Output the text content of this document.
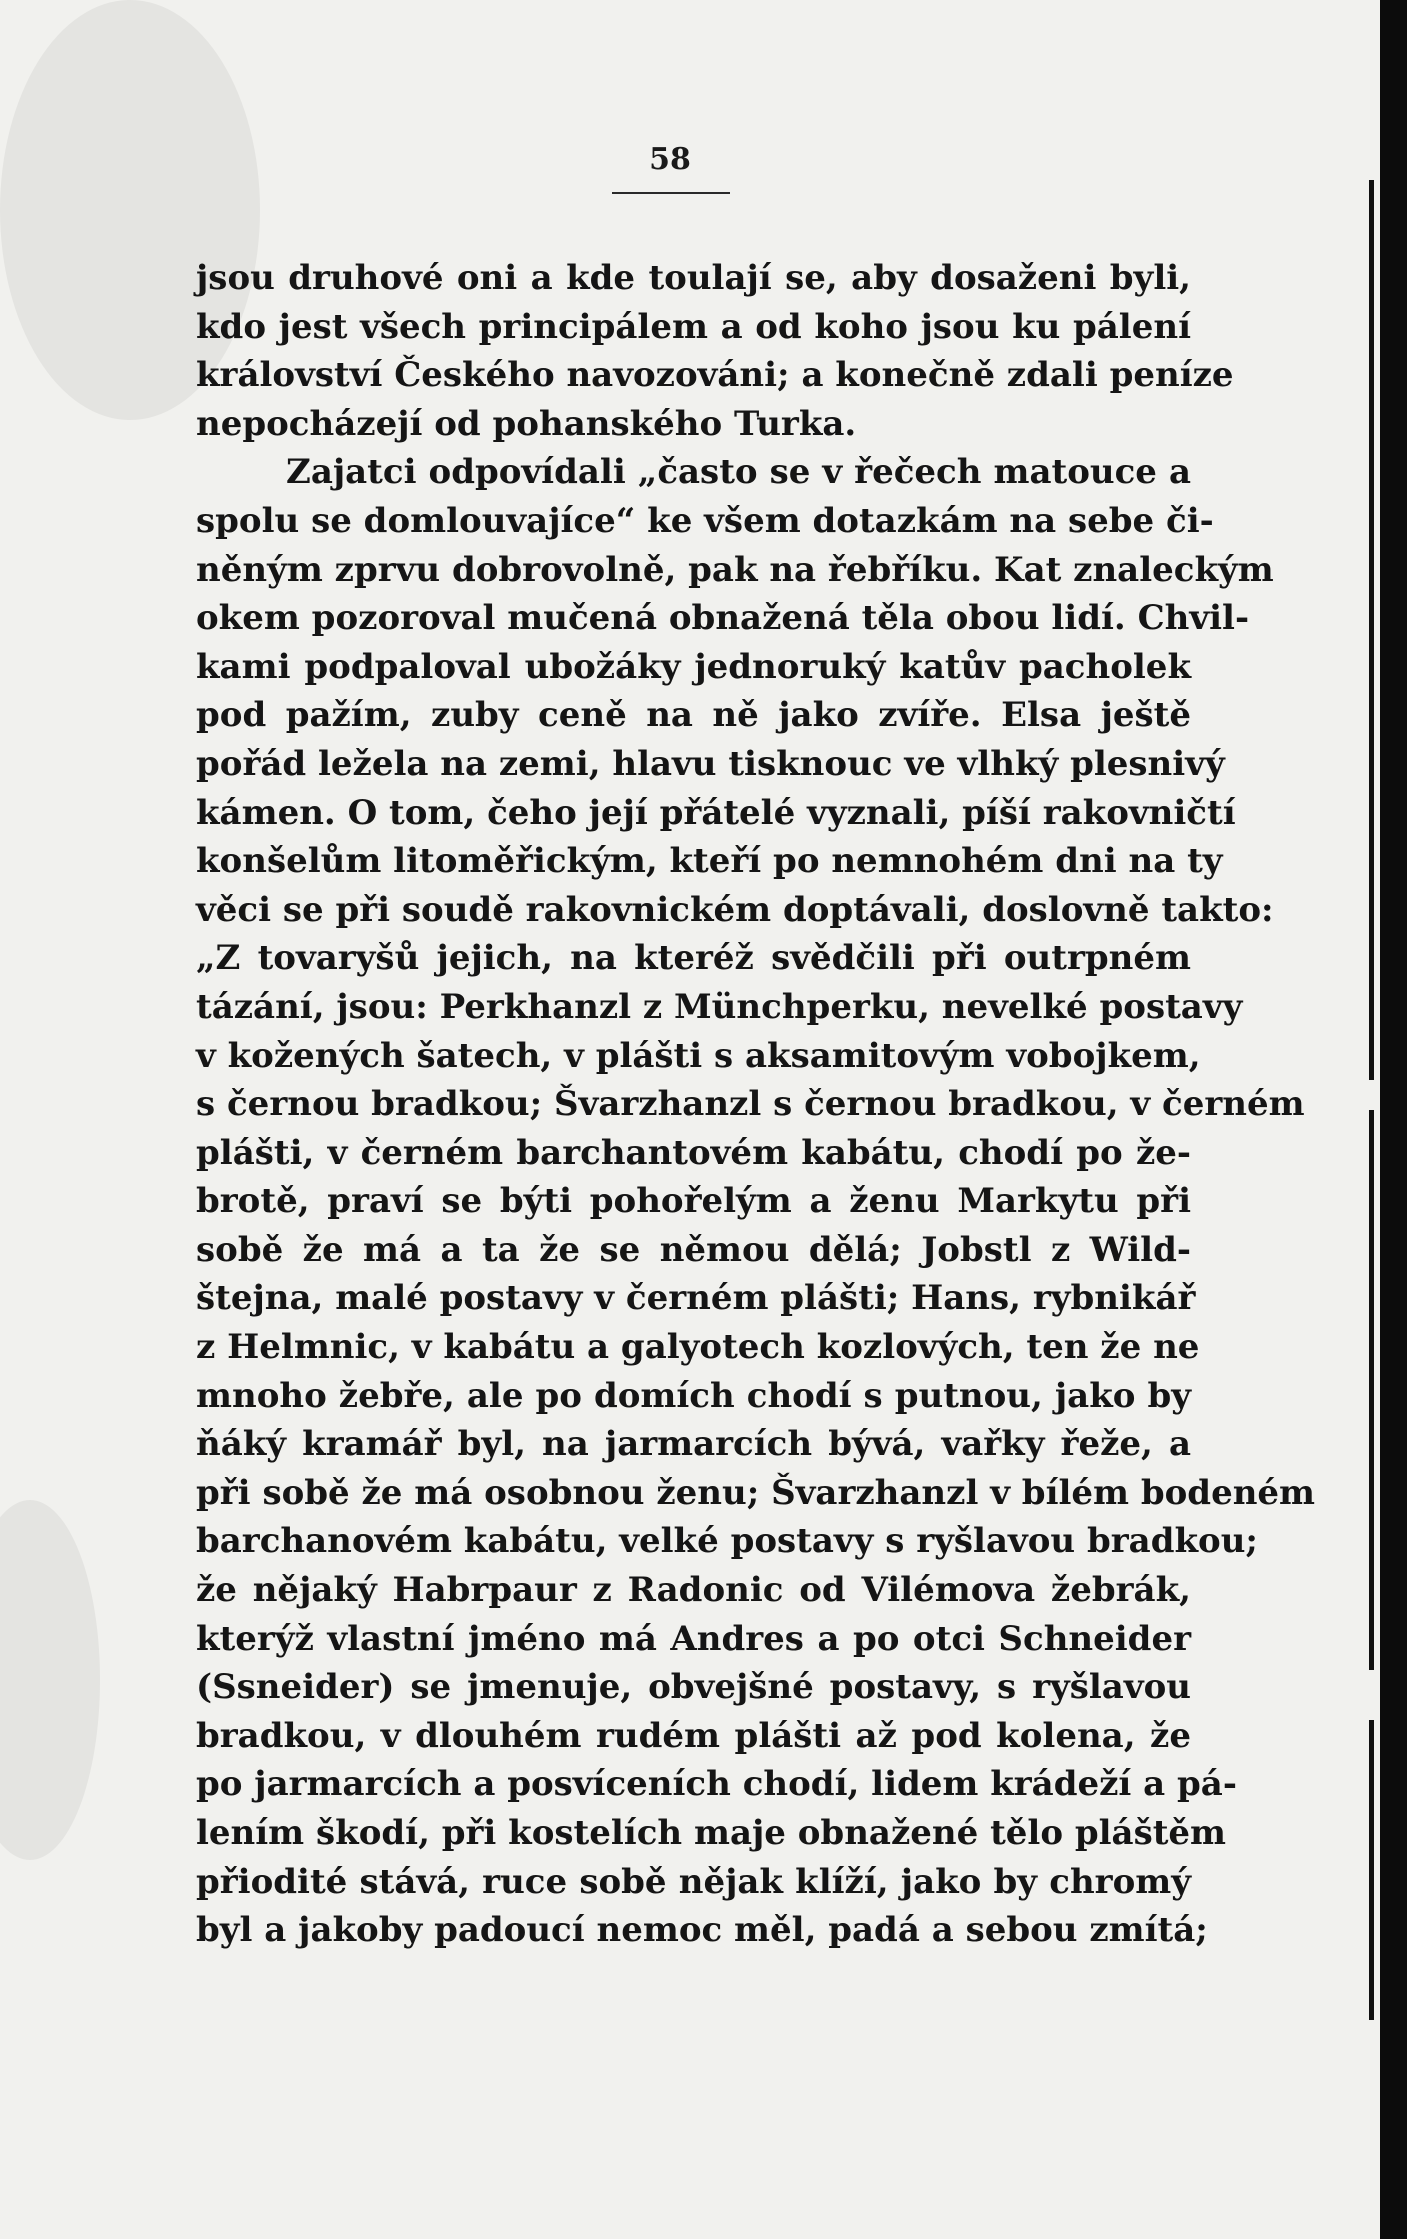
58
jsou druhové oni a kde toulají se, aby dosaženi byli,
kdo jest všech principálem a od koho jsou ku pálení
království Českého navozováni; a konečně zdali peníze
nepocházejí od pohanského Turka.
Zajatci odpovídali „často se v řečech matouce a
spolu se domlouvajíce“ ke všem dotazkám na sebe či-
něným zprvu dobrovolně, pak na řebříku. Kat znaleckým
okem pozoroval mučená obnažená těla obou lidí. Chvil-
kami podpaloval ubožáky jednoruký katův pacholek
pod pažím, zuby ceně na ně jako zvíře. Elsa ještě
pořád ležela na zemi, hlavu tisknouc ve vlhký plesnivý
kámen. O tom, čeho její přátelé vyznali, píší rakovničtí
konšelům litoměřickým, kteří po nemnohém dni na ty
věci se při soudě rakovnickém doptávali, doslovně takto:
„Z tovaryšů jejich, na kteréž svědčili při outrpném
tázání, jsou: Perkhanzl z Münchperku, nevelké postavy
v kožených šatech, v plášti s aksamitovým vobojkem,
s černou bradkou; Švarzhanzl s černou bradkou, v černém
plášti, v černém barchantovém kabátu, chodí po že-
brotě, praví se býti pohořelým a ženu Markytu při
sobě že má a ta že se němou dělá; Jobstl z Wild-
štejna, malé postavy v černém plášti; Hans, rybnikář
z Helmnic, v kabátu a galyotech kozlových, ten že ne
mnoho žebře, ale po domích chodí s putnou, jako by
ňáký kramář byl, na jarmarcích bývá, vařky řeže, a
při sobě že má osobnou ženu; Švarzhanzl v bílém bodeném
barchanovém kabátu, velké postavy s ryšlavou bradkou;
že nějaký Habrpaur z Radonic od Vilémova žebrák,
kterýž vlastní jméno má Andres a po otci Schneider
(Ssneider) se jmenuje, obvejšné postavy, s ryšlavou
bradkou, v dlouhém rudém plášti až pod kolena, že
po jarmarcích a posvíceních chodí, lidem krádeží a pá-
lením škodí, při kostelích maje obnažené tělo pláštěm
přiodité stává, ruce sobě nějak klíží, jako by chromý
byl a jakoby padoucí nemoc měl, padá a sebou zmítá;
